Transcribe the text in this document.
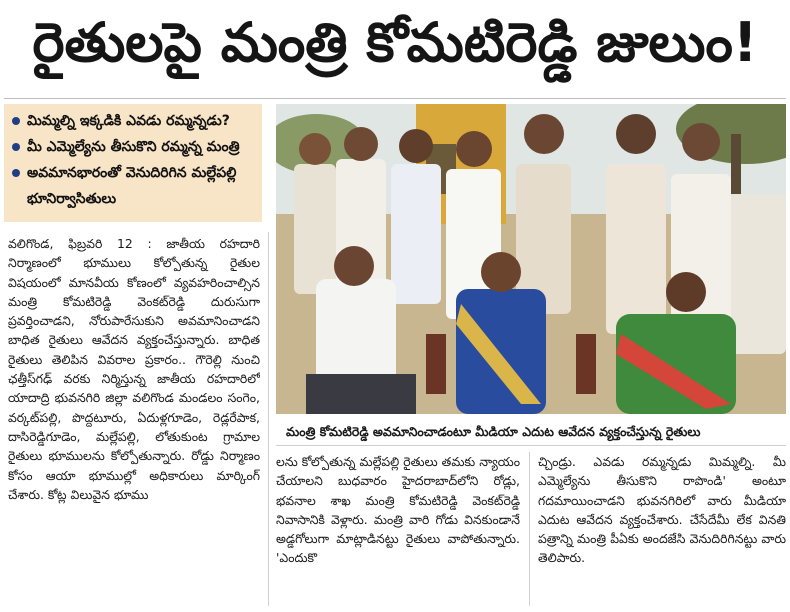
రైతులపై మంత్రి కోమటిరెడ్డి జులుం!
మిమ్మల్ని ఇక్కడికి ఎవడు రమ్మన్నడు?
మీ ఎమ్మెల్యేను తీసుకొని రమ్మన్న మంత్రి
అవమానభారంతో వెనుదిరిగిన మల్లేపల్లి భూనిర్వాసితులు
మంత్రి కోమటిరెడ్డి అవమానించాడంటూ మీడియా ఎదుట ఆవేదన వ్యక్తంచేస్తున్న రైతులు

వలిగొండ, ఫిబ్రవరి 12 : జాతీయ రహదారి నిర్మాణంలో భూములు కోల్పోతున్న రైతుల విషయంలో మానవీయ కోణంలో వ్యవహరించాల్సిన మంత్రి కోమటిరెడ్డి వెంకట్‌రెడ్డి దురుసుగా ప్రవర్తించాడని, నోరుపారేసుకుని అవమానించాడని బాధిత రైతులు ఆవేదన వ్యక్తంచేస్తున్నారు. బాధిత రైతులు తెలిపిన వివరాల ప్రకారం.. గౌరెల్లి నుంచి ఛత్తీస్‌గఢ్ వరకు నిర్మిస్తున్న జాతీయ రహదారిలో యాదాద్రి భువనగిరి జిల్లా వలిగొండ మండలం సంగెం, వర్కట్‌పల్లి, పొద్దటూరు, ఏదుళ్లగూడెం, రెడ్లరేపాక, దాసిరెడ్డిగూడెం, మల్లేపల్లి, లోతుకుంట గ్రామాల రైతులు భూములను కోల్పోతున్నారు. రోడ్డు నిర్మాణం కోసం ఆయా భూముల్లో అధికారులు మార్కింగ్ చేశారు. కోట్ల విలువైన భూము

లను కోల్పోతున్న మల్లేపల్లి రైతులు తమకు న్యాయం చేయాలని బుధవారం హైదరాబాద్‌లోని రోడ్లు, భవనాల శాఖ మంత్రి కోమటిరెడ్డి వెంకట్‌రెడ్డి నివాసానికి వెళ్లారు. మంత్రి వారి గోడు వినకుండానే అడ్డగోలుగా మాట్లాడినట్టు రైతులు వాపోతున్నారు. 'ఎందుకొ

చ్చిండ్రు. ఎవడు రమ్మన్నడు మిమ్మల్ని. మీ ఎమ్మెల్యేను తీసుకొని రాపొండి' అంటూ గదమాయించాడని భువనగిరిలో వారు మీడియా ఎదుట ఆవేదన వ్యక్తంచేశారు. చేసేదేమీ లేక వినతి పత్రాన్ని మంత్రి పీఏకు అందజేసి వెనుదిరిగినట్టు వారు తెలిపారు.
